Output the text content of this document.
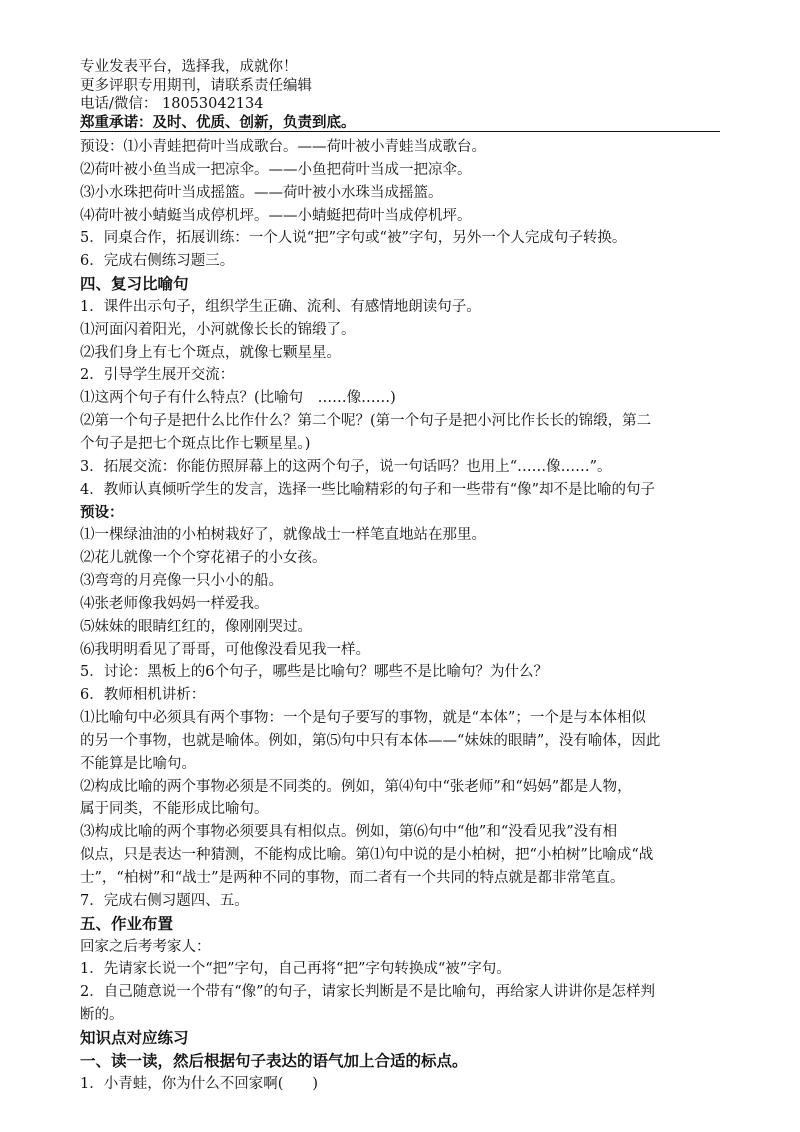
专业发表平台，选择我，成就你！
更多评职专用期刊，请联系责任编辑
电话/微信： 18053042134
郑重承诺：及时、优质、创新，负责到底。
预设：⑴小青蛙把荷叶当成歌台。——荷叶被小青蛙当成歌台。
⑵荷叶被小鱼当成一把凉伞。——小鱼把荷叶当成一把凉伞。
⑶小水珠把荷叶当成摇篮。——荷叶被小水珠当成摇篮。
⑷荷叶被小蜻蜓当成停机坪。——小蜻蜓把荷叶当成停机坪。
5．同桌合作，拓展训练：一个人说“把”字句或“被”字句，另外一个人完成句子转换。
6．完成右侧练习题三。
四、复习比喻句
1．课件出示句子，组织学生正确、流利、有感情地朗读句子。
⑴河面闪着阳光，小河就像长长的锦缎了。
⑵我们身上有七个斑点，就像七颗星星。
2．引导学生展开交流：
⑴这两个句子有什么特点？(比喻句　……像……)
⑵第一个句子是把什么比作什么？第二个呢？(第一个句子是把小河比作长长的锦缎，第二
个句子是把七个斑点比作七颗星星。)
3．拓展交流：你能仿照屏幕上的这两个句子，说一句话吗？也用上“……像……”。
4．教师认真倾听学生的发言，选择一些比喻精彩的句子和一些带有“像”却不是比喻的句子
预设：
⑴一棵绿油油的小柏树栽好了，就像战士一样笔直地站在那里。
⑵花儿就像一个个穿花裙子的小女孩。
⑶弯弯的月亮像一只小小的船。
⑷张老师像我妈妈一样爱我。
⑸妹妹的眼睛红红的，像刚刚哭过。
⑹我明明看见了哥哥，可他像没看见我一样。
5．讨论：黑板上的6个句子，哪些是比喻句？哪些不是比喻句？为什么？
6．教师相机讲析：
⑴比喻句中必须具有两个事物：一个是句子要写的事物，就是“本体”；一个是与本体相似
的另一个事物，也就是喻体。例如，第⑸句中只有本体——“妹妹的眼睛”，没有喻体，因此
不能算是比喻句。
⑵构成比喻的两个事物必须是不同类的。例如，第⑷句中“张老师”和“妈妈”都是人物，
属于同类，不能形成比喻句。
⑶构成比喻的两个事物必须要具有相似点。例如，第⑹句中“他”和“没看见我”没有相
似点，只是表达一种猜测，不能构成比喻。第⑴句中说的是小柏树，把“小柏树”比喻成“战
士”，“柏树”和“战士”是两种不同的事物，而二者有一个共同的特点就是都非常笔直。
7．完成右侧习题四、五。
五、作业布置
回家之后考考家人：
1．先请家长说一个“把”字句，自己再将“把”字句转换成“被”字句。
2．自己随意说一个带有“像”的句子，请家长判断是不是比喻句，再给家人讲讲你是怎样判
断的。
知识点对应练习
一、读一读，然后根据句子表达的语气加上合适的标点。
1．小青蛙，你为什么不回家啊(　　)
